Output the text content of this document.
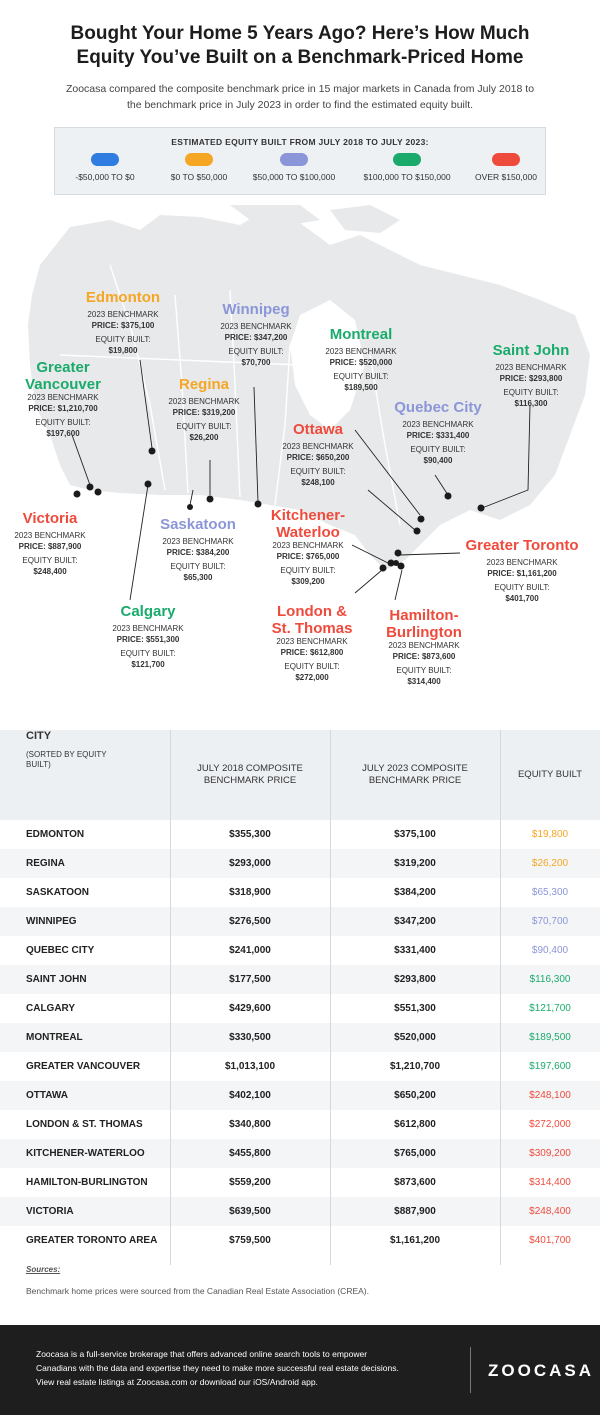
Bought Your Home 5 Years Ago? Here’s How Much
Equity You’ve Built on a Benchmark-Priced Home
Zoocasa compared the composite benchmark price in 15 major markets in Canada from July 2018 to the benchmark price in July 2023 in order to find the estimated equity built.
ESTIMATED EQUITY BUILT FROM JULY 2018 TO JULY 2023:
-$50,000 TO $0	$0 TO $50,000	$50,000 TO $100,000	$100,000 TO $150,000	OVER $150,000
Edmonton
2023 BENCHMARK
PRICE: $375,100
EQUITY BUILT:
$19,800
Winnipeg
2023 BENCHMARK
PRICE: $347,200
EQUITY BUILT:
$70,700
Montreal
2023 BENCHMARK
PRICE: $520,000
EQUITY BUILT:
$189,500
Saint John
2023 BENCHMARK
PRICE: $293,800
EQUITY BUILT:
$116,300
Greater
Vancouver
2023 BENCHMARK
PRICE: $1,210,700
EQUITY BUILT:
$197,600
Regina
2023 BENCHMARK
PRICE: $319,200
EQUITY BUILT:
$26,200
Quebec City
2023 BENCHMARK
PRICE: $331,400
EQUITY BUILT:
$90,400
Ottawa
2023 BENCHMARK
PRICE: $650,200
EQUITY BUILT:
$248,100
Victoria
2023 BENCHMARK
PRICE: $887,900
EQUITY BUILT:
$248,400
Saskatoon
2023 BENCHMARK
PRICE: $384,200
EQUITY BUILT:
$65,300
Kitchener-
Waterloo
2023 BENCHMARK
PRICE: $765,000
EQUITY BUILT:
$309,200
Greater Toronto
2023 BENCHMARK
PRICE: $1,161,200
EQUITY BUILT:
$401,700
Calgary
2023 BENCHMARK
PRICE: $551,300
EQUITY BUILT:
$121,700
London &
St. Thomas
2023 BENCHMARK
PRICE: $612,800
EQUITY BUILT:
$272,000
Hamilton-
Burlington
2023 BENCHMARK
PRICE: $873,600
EQUITY BUILT:
$314,400
CITY
(SORTED BY EQUITY BUILT)	JULY 2018 COMPOSITE BENCHMARK PRICE
JULY 2023 COMPOSITE BENCHMARK PRICE
EQUITY BUILT
EDMONTON	$355,300	$375,100	$19,800
REGINA	$293,000	$319,200	$26,200
SASKATOON	$318,900	$384,200	$65,300
WINNIPEG	$276,500	$347,200	$70,700
QUEBEC CITY	$241,000	$331,400	$90,400
SAINT JOHN	$177,500	$293,800	$116,300
CALGARY	$429,600	$551,300	$121,700
MONTREAL	$330,500	$520,000	$189,500
GREATER VANCOUVER	$1,013,100	$1,210,700	$197,600
OTTAWA	$402,100	$650,200	$248,100
LONDON & ST. THOMAS	$340,800	$612,800	$272,000
KITCHENER-WATERLOO	$455,800	$765,000	$309,200
HAMILTON-BURLINGTON	$559,200	$873,600	$314,400
VICTORIA	$639,500	$887,900	$248,400
GREATER TORONTO AREA	$759,500	$1,161,200	$401,700
Sources:
Benchmark home prices were sourced from the Canadian Real Estate Association (CREA).
Zoocasa is a full-service brokerage that offers advanced online search tools to empower
Canadians with the data and expertise they need to make more successful real estate decisions.
View real estate listings at Zoocasa.com or download our iOS/Android app.
ZOOCASA
